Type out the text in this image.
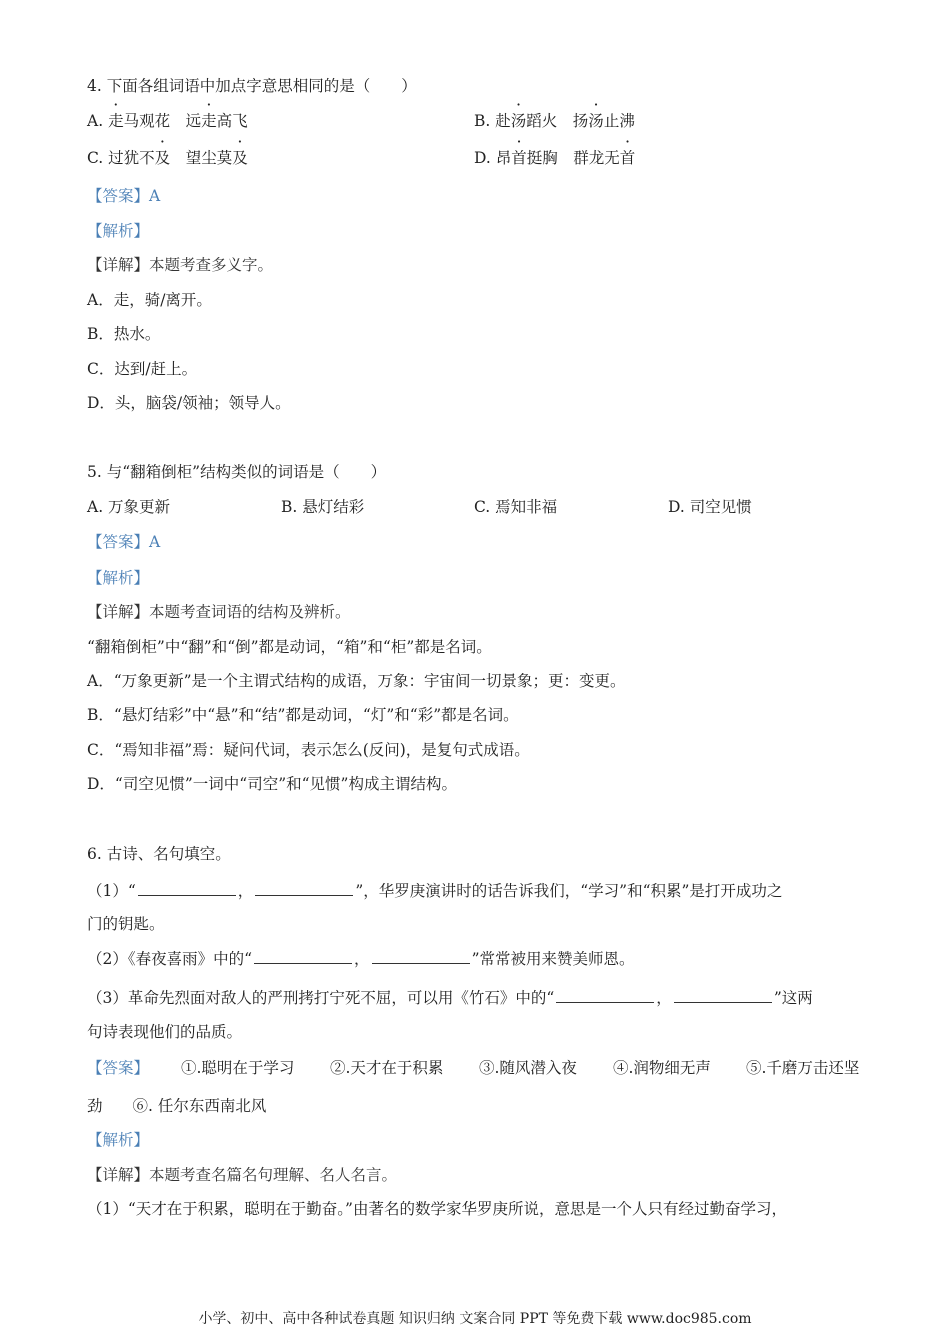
4. 下面各组词语中加点字意思相同的是（　　）
A. 走马观花　远走高飞	B. 赴汤蹈火　扬汤止沸
C. 过犹不及　望尘莫及	D. 昂首挺胸　群龙无首
【答案】A
【解析】
【详解】本题考查多义字。
A．走，骑/离开。
B．热水。
C．达到/赶上。
D．头，脑袋/领袖；领导人。
5. 与“翻箱倒柜”结构类似的词语是（　　）
A. 万象更新	B. 悬灯结彩	C. 焉知非福	D. 司空见惯
【答案】A
【解析】
【详解】本题考查词语的结构及辨析。
“翻箱倒柜”中“翻”和“倒”都是动词，“箱”和“柜”都是名词。
A．“万象更新”是一个主谓式结构的成语，万象：宇宙间一切景象；更：变更。
B．“悬灯结彩”中“悬”和“结”都是动词，“灯”和“彩”都是名词。
C．“焉知非福”焉：疑问代词，表示怎么(反问)，是复句式成语。
D．“司空见惯”一词中“司空”和“见惯”构成主谓结构。
6. 古诗、名句填空。
（1）“	，	”，华罗庚演讲时的话告诉我们，“学习”和“积累”是打开成功之
门的钥匙。
（2）《春夜喜雨》中的“	，	”常常被用来赞美师恩。
（3）革命先烈面对敌人的严刑拷打宁死不屈，可以用《竹石》中的“	，	”这两
句诗表现他们的品质。
【答案】 ①.聪明在于学习 ②.天才在于积累 ③.随风潜入夜 ④.润物细无声 ⑤.千磨万击还坚
劲 ⑥. 任尔东西南北风
【解析】
【详解】本题考查名篇名句理解、名人名言。
（1）“天才在于积累，聪明在于勤奋。”由著名的数学家华罗庚所说，意思是一个人只有经过勤奋学习，
小学、初中、高中各种试卷真题 知识归纳 文案合同 PPT 等免费下载 www.doc985.com
